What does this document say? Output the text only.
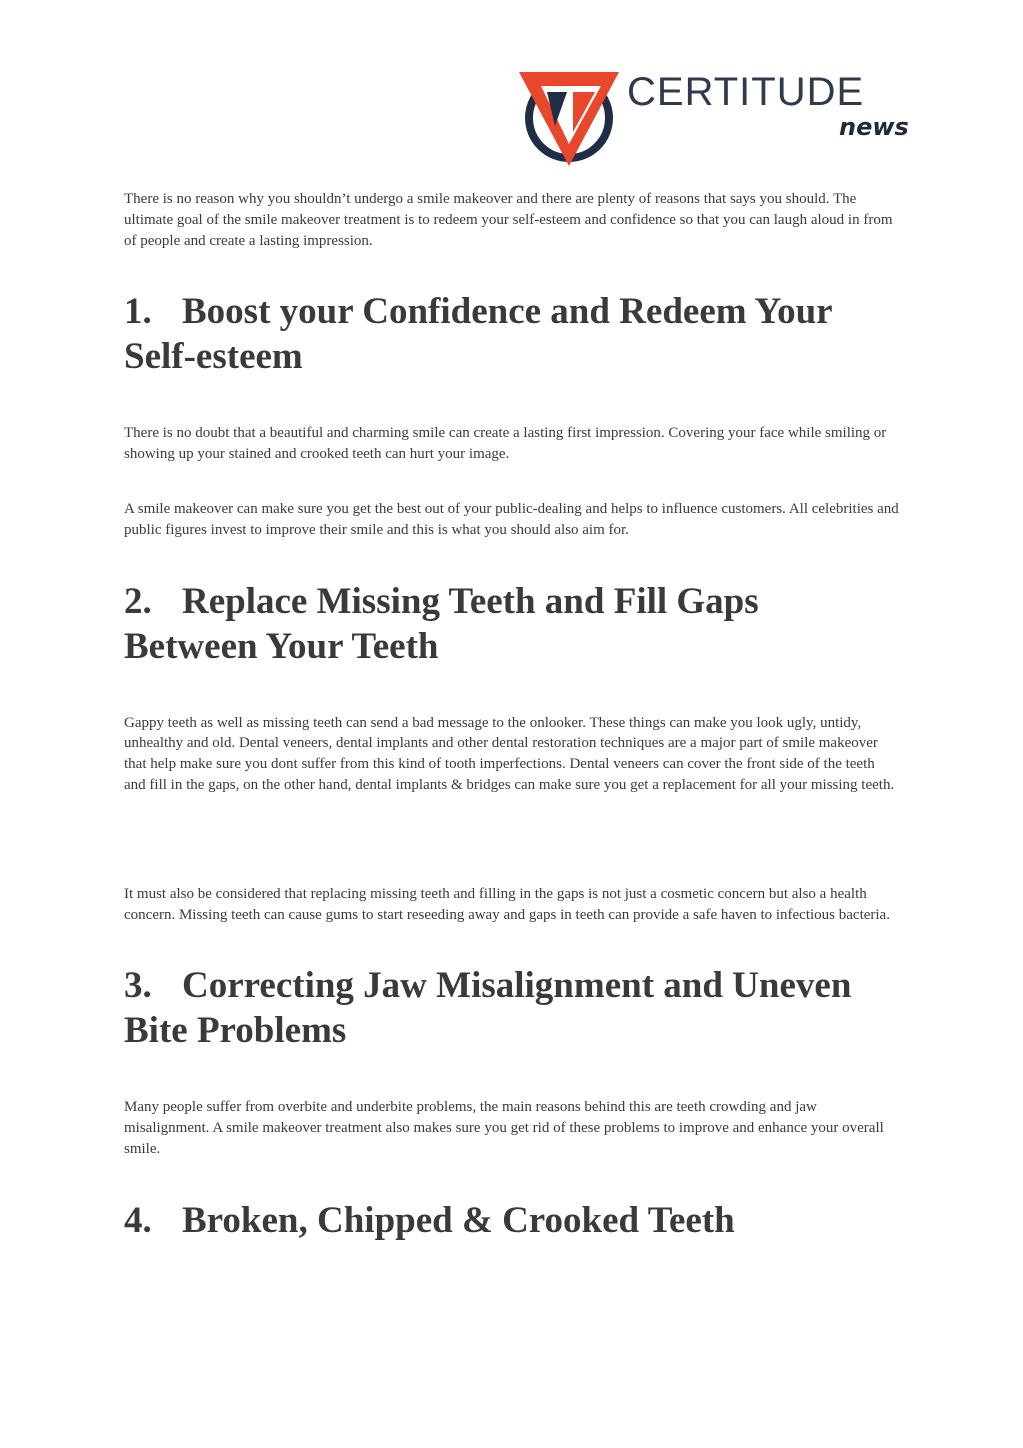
CERTITUDE
news

There is no reason why you shouldn’t undergo a smile makeover and there are plenty of reasons that says you should. The ultimate goal of the smile makeover treatment is to redeem your self-esteem and confidence so that you can laugh aloud in from of people and create a lasting impression.

1. Boost your Confidence and Redeem Your Self-esteem

There is no doubt that a beautiful and charming smile can create a lasting first impression. Covering your face while smiling or showing up your stained and crooked teeth can hurt your image.

A smile makeover can make sure you get the best out of your public-dealing and helps to influence customers. All celebrities and public figures invest to improve their smile and this is what you should also aim for.

2. Replace Missing Teeth and Fill Gaps Between Your Teeth

Gappy teeth as well as missing teeth can send a bad message to the onlooker. These things can make you look ugly, untidy, unhealthy and old. Dental veneers, dental implants and other dental restoration techniques are a major part of smile makeover that help make sure you dont suffer from this kind of tooth imperfections. Dental veneers can cover the front side of the teeth and fill in the gaps, on the other hand, dental implants & bridges can make sure you get a replacement for all your missing teeth.

It must also be considered that replacing missing teeth and filling in the gaps is not just a cosmetic concern but also a health concern. Missing teeth can cause gums to start reseeding away and gaps in teeth can provide a safe haven to infectious bacteria.

3. Correcting Jaw Misalignment and Uneven Bite Problems

Many people suffer from overbite and underbite problems, the main reasons behind this are teeth crowding and jaw misalignment. A smile makeover treatment also makes sure you get rid of these problems to improve and enhance your overall smile.

4. Broken, Chipped & Crooked Teeth
